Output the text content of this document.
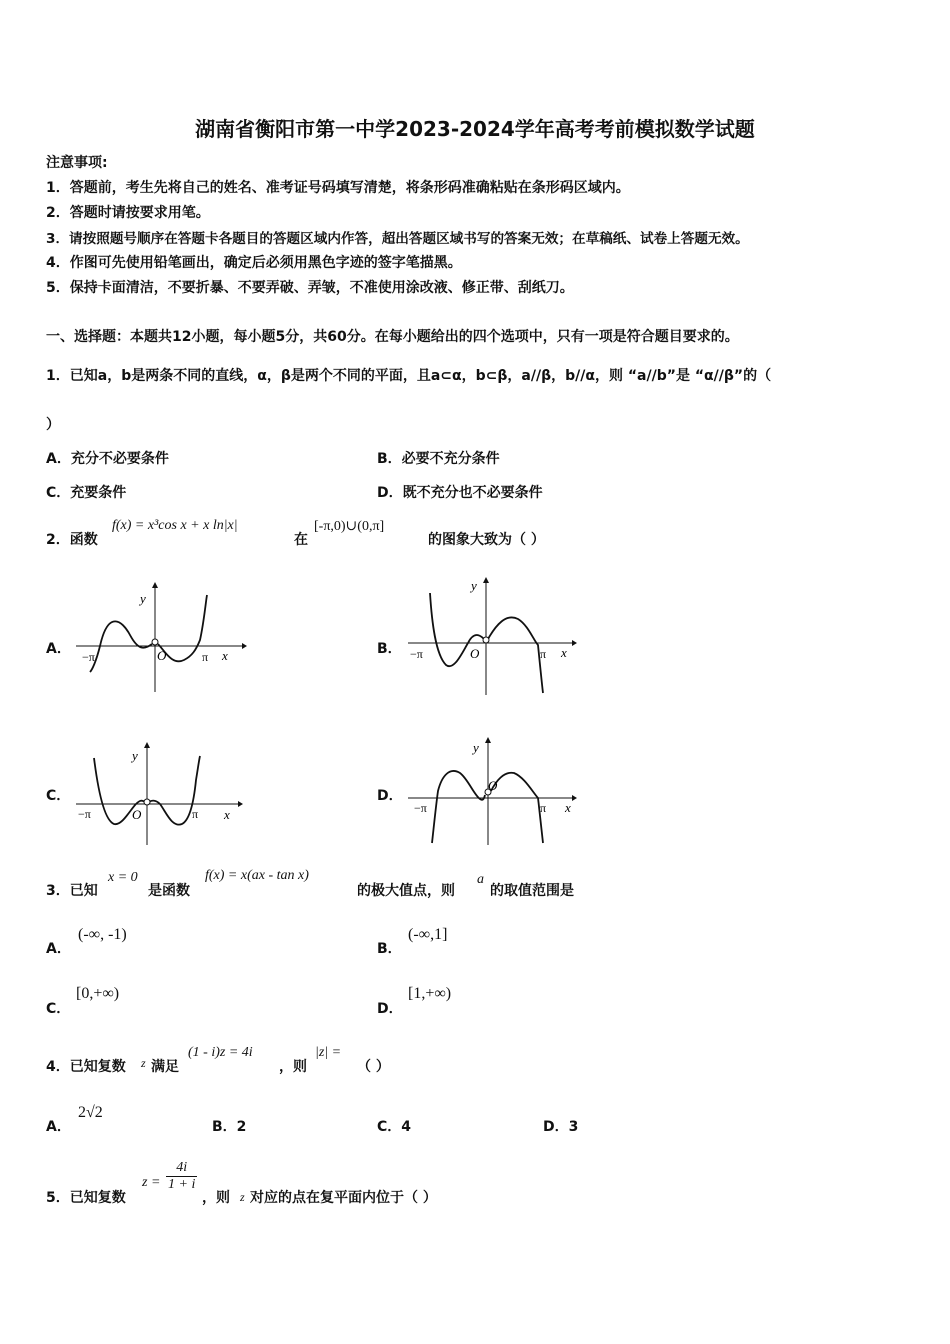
湖南省衡阳市第一中学2023-2024学年高考考前模拟数学试题
注意事项:
1．答题前，考生先将自己的姓名、准考证号码填写清楚，将条形码准确粘贴在条形码区域内。
2．答题时请按要求用笔。
3．请按照题号顺序在答题卡各题目的答题区域内作答，超出答题区域书写的答案无效；在草稿纸、试卷上答题无效。
4．作图可先使用铅笔画出，确定后必须用黑色字迹的签字笔描黑。
5．保持卡面清洁，不要折暴、不要弄破、弄皱，不准使用涂改液、修正带、刮纸刀。
一、选择题：本题共12小题，每小题5分，共60分。在每小题给出的四个选项中，只有一项是符合题目要求的。
1．已知a，b是两条不同的直线，α，β是两个不同的平面，且a⊂α，b⊂β，a//β，b//α，则 “a//b”是 “α//β”的（
）
A．充分不必要条件	B．必要不充分条件
C．充要条件	D．既不充分也不必要条件
2．函数
f(x) = x³cos x + x ln|x|
在
[-π,0)∪(0,π]
的图象大致为（ ）
A．	B．
C．	D．
y
x
O
−π	π
y
x
O
−π	π
y
x
O
−π	π
y
x
O
−π	π
3．已知
x = 0
是函数
f(x) = x(ax - tan x)
的极大值点，则
a
的取值范围是
A．
(-∞, -1)
B．
(-∞,1]
C．
[0,+∞)
D．
[1,+∞)
4．已知复数 z 满足
(1 - i)z = 4i
，则
|z| =
（ ）
A．
2√2
B．2	C．4	D．3
5．已知复数
$z = \frac{4i}{1 + i}$
，则 z 对应的点在复平面内位于（ ）
